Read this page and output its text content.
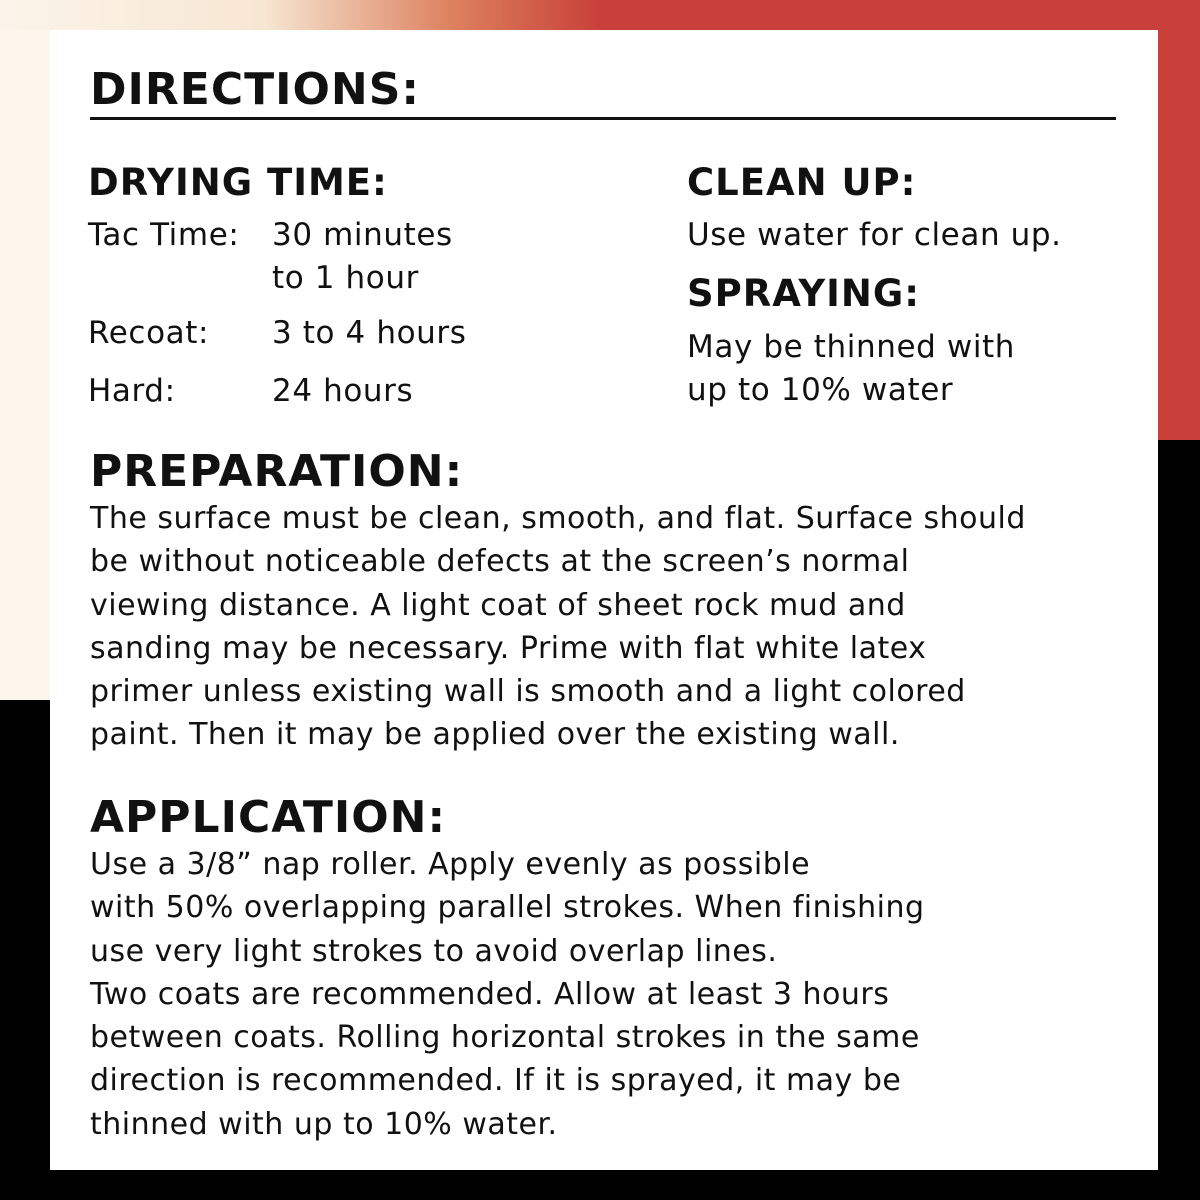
DIRECTIONS:
DRYING TIME:
Tac Time: 30 minutes
to 1 hour
Recoat: 3 to 4 hours
Hard:	24 hours
CLEAN UP:
Use water for clean up.
SPRAYING:
May be thinned with
up to 10% water
PREPARATION:
The surface must be clean, smooth, and flat. Surface should
be without noticeable defects at the screen’s normal
viewing distance. A light coat of sheet rock mud and
sanding may be necessary. Prime with flat white latex
primer unless existing wall is smooth and a light colored
paint. Then it may be applied over the existing wall.
APPLICATION:
Use a 3/8” nap roller. Apply evenly as possible
with 50% overlapping parallel strokes. When finishing
use very light strokes to avoid overlap lines.
Two coats are recommended. Allow at least 3 hours
between coats. Rolling horizontal strokes in the same
direction is recommended. If it is sprayed, it may be
thinned with up to 10% water.
